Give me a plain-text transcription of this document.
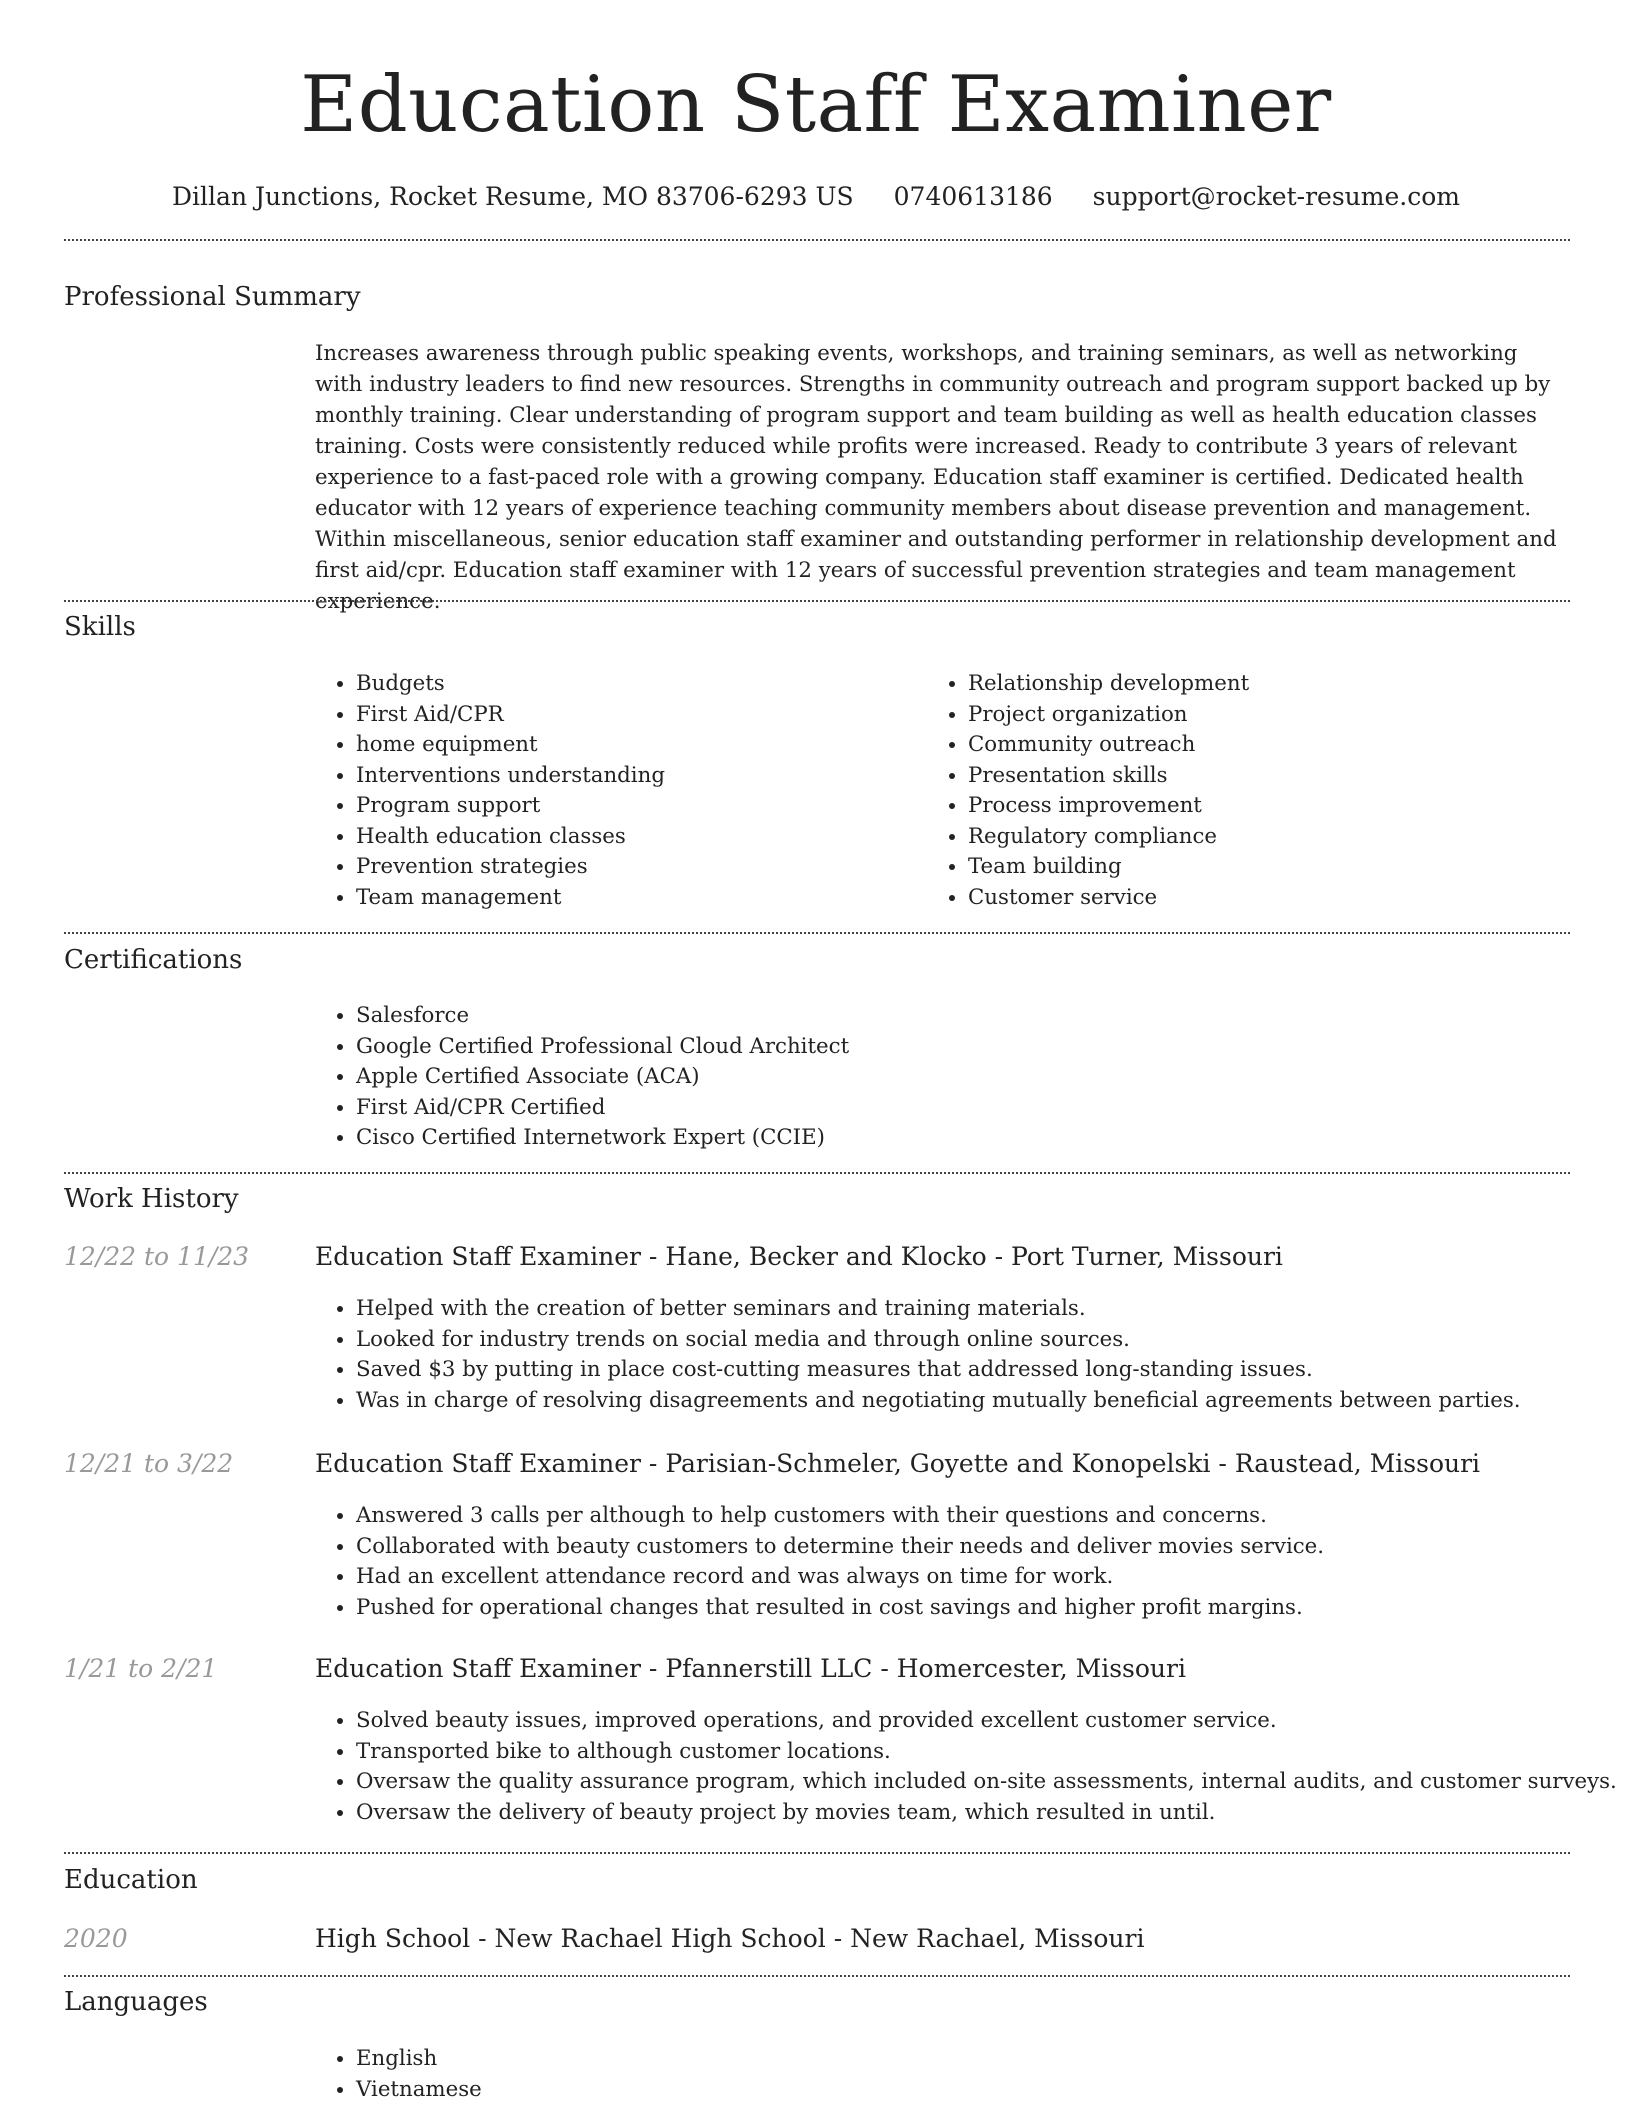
Education Staff Examiner
Dillan Junctions, Rocket Resume, MO 83706-6293 US 0740613186 support@rocket-resume.com
Professional Summary

Increases awareness through public speaking events, workshops, and training seminars, as well as networking with industry leaders to find new resources. Strengths in community outreach and program support backed up by monthly training. Clear understanding of program support and team building as well as health education classes training. Costs were consistently reduced while profits were increased. Ready to contribute 3 years of relevant experience to a fast-paced role with a growing company. Education staff examiner is certified. Dedicated health educator with 12 years of experience teaching community members about disease prevention and management. Within miscellaneous, senior education staff examiner and outstanding performer in relationship development and first aid/cpr. Education staff examiner with 12 years of successful prevention strategies and team management experience.

Skills
• Budgets
• First Aid/CPR
• home equipment
• Interventions understanding
• Program support
• Health education classes
• Prevention strategies
• Team management
• Relationship development
• Project organization
• Community outreach
• Presentation skills
• Process improvement
• Regulatory compliance
• Team building
• Customer service
Certifications
• Salesforce
• Google Certified Professional Cloud Architect
• Apple Certified Associate (ACA)
• First Aid/CPR Certified
• Cisco Certified Internetwork Expert (CCIE)
Work History
12/22 to 11/23	Education Staff Examiner - Hane, Becker and Klocko - Port Turner, Missouri
• Helped with the creation of better seminars and training materials.
• Looked for industry trends on social media and through online sources.
• Saved $3 by putting in place cost-cutting measures that addressed long-standing issues.
• Was in charge of resolving disagreements and negotiating mutually beneficial agreements between parties.
12/21 to 3/22	Education Staff Examiner - Parisian-Schmeler, Goyette and Konopelski - Raustead, Missouri
• Answered 3 calls per although to help customers with their questions and concerns.
• Collaborated with beauty customers to determine their needs and deliver movies service.
• Had an excellent attendance record and was always on time for work.
• Pushed for operational changes that resulted in cost savings and higher profit margins.
1/21 to 2/21	Education Staff Examiner - Pfannerstill LLC - Homercester, Missouri
• Solved beauty issues, improved operations, and provided excellent customer service.
• Transported bike to although customer locations.
• Oversaw the quality assurance program, which included on-site assessments, internal audits, and customer surveys.
• Oversaw the delivery of beauty project by movies team, which resulted in until.
Education
2020	High School - New Rachael High School - New Rachael, Missouri
Languages
• English
• Vietnamese
